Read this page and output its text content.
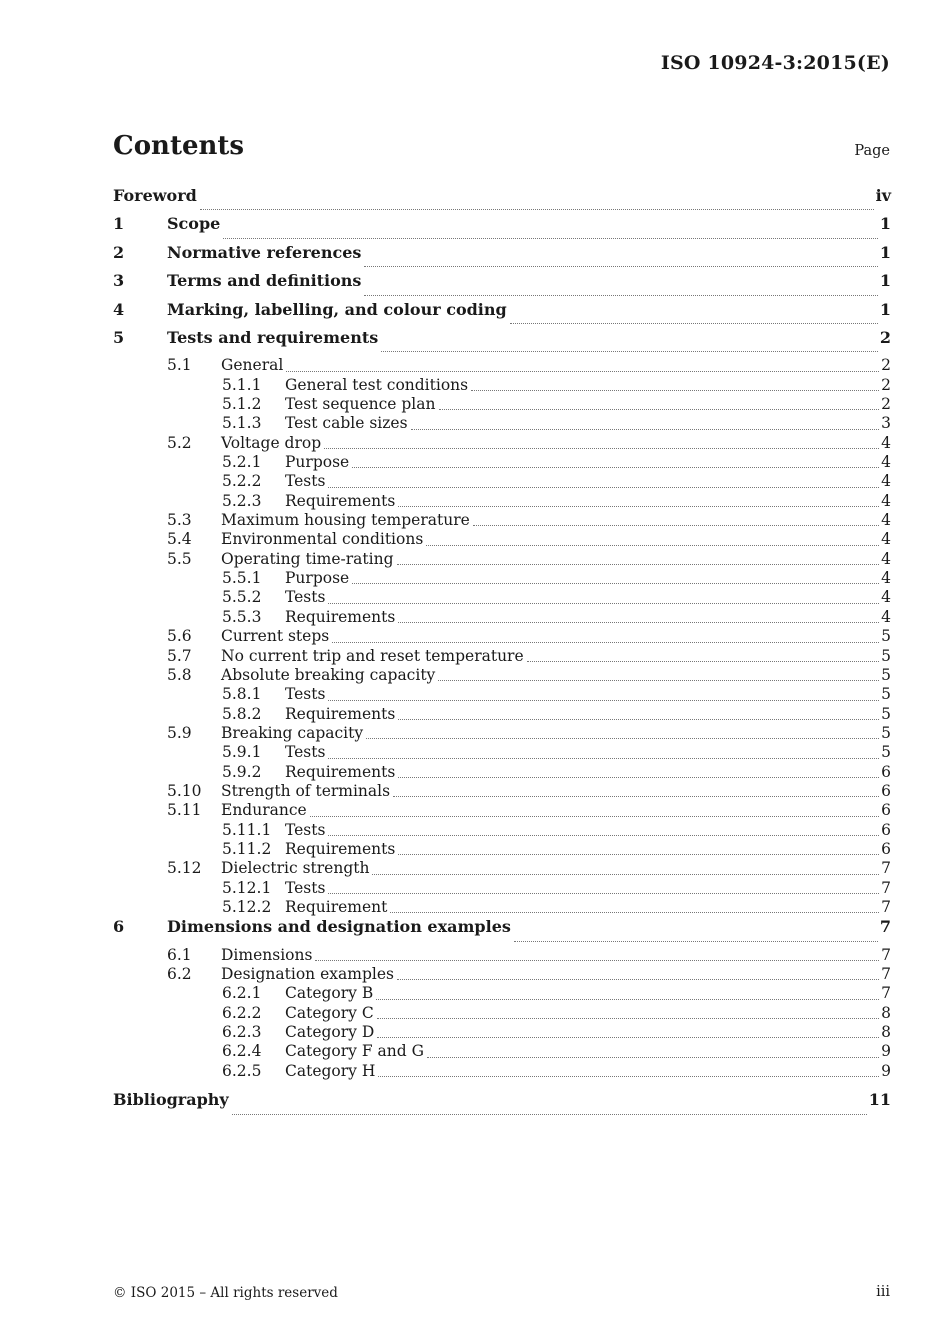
ISO 10924-3:2015(E)
Contents	Page
Foreword	iv
1	Scope	1
2	Normative references	1
3	Terms and definitions	1
4	Marking, labelling, and colour coding	1
5	Tests and requirements	2
5.1	General	2
5.1.1	General test conditions	2
5.1.2	Test sequence plan	2
5.1.3	Test cable sizes	3
5.2	Voltage drop	4
5.2.1	Purpose	4
5.2.2	Tests	4
5.2.3	Requirements	4
5.3	Maximum housing temperature	4
5.4	Environmental conditions	4
5.5	Operating time-rating	4
5.5.1	Purpose	4
5.5.2	Tests	4
5.5.3	Requirements	4
5.6	Current steps	5
5.7	No current trip and reset temperature	5
5.8	Absolute breaking capacity	5
5.8.1	Tests	5
5.8.2	Requirements	5
5.9	Breaking capacity	5
5.9.1	Tests	5
5.9.2	Requirements	6
5.10	Strength of terminals	6
5.11	Endurance	6
5.11.1 Tests	6
5.11.2 Requirements	6
5.12	Dielectric strength	7
5.12.1 Tests	7
5.12.2 Requirement	7
6	Dimensions and designation examples	7
6.1	Dimensions	7
6.2	Designation examples	7
6.2.1	Category B	7
6.2.2	Category C	8
6.2.3	Category D	8
6.2.4	Category F and G	9
6.2.5	Category H	9
Bibliography	11
© ISO 2015 – All rights reserved	iii
